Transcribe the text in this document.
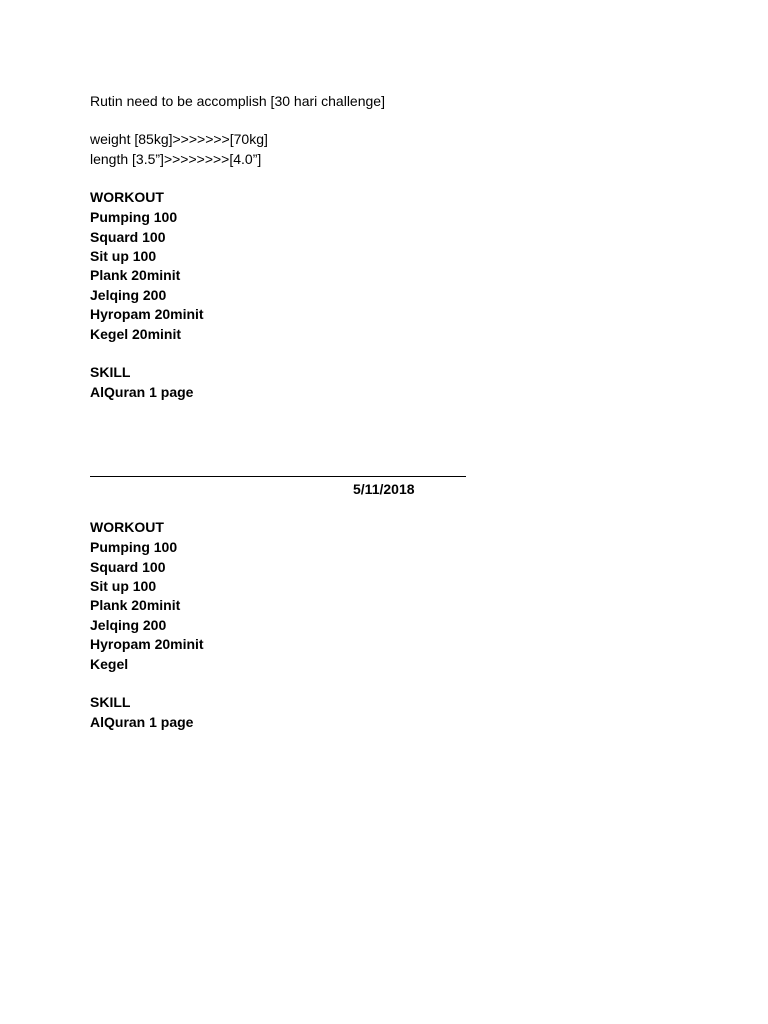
Rutin need to be accomplish [30 hari challenge]
weight [85kg]>>>>>>>[70kg]
length [3.5”]>>>>>>>>[4.0”]
WORKOUT
Pumping 100
Squard 100
Sit up 100
Plank 20minit
Jelqing 200
Hyropam 20minit
Kegel 20minit
SKILL
AlQuran 1 page
5/11/2018
WORKOUT
Pumping 100
Squard 100
Sit up 100
Plank 20minit
Jelqing 200
Hyropam 20minit
Kegel
SKILL
AlQuran 1 page
